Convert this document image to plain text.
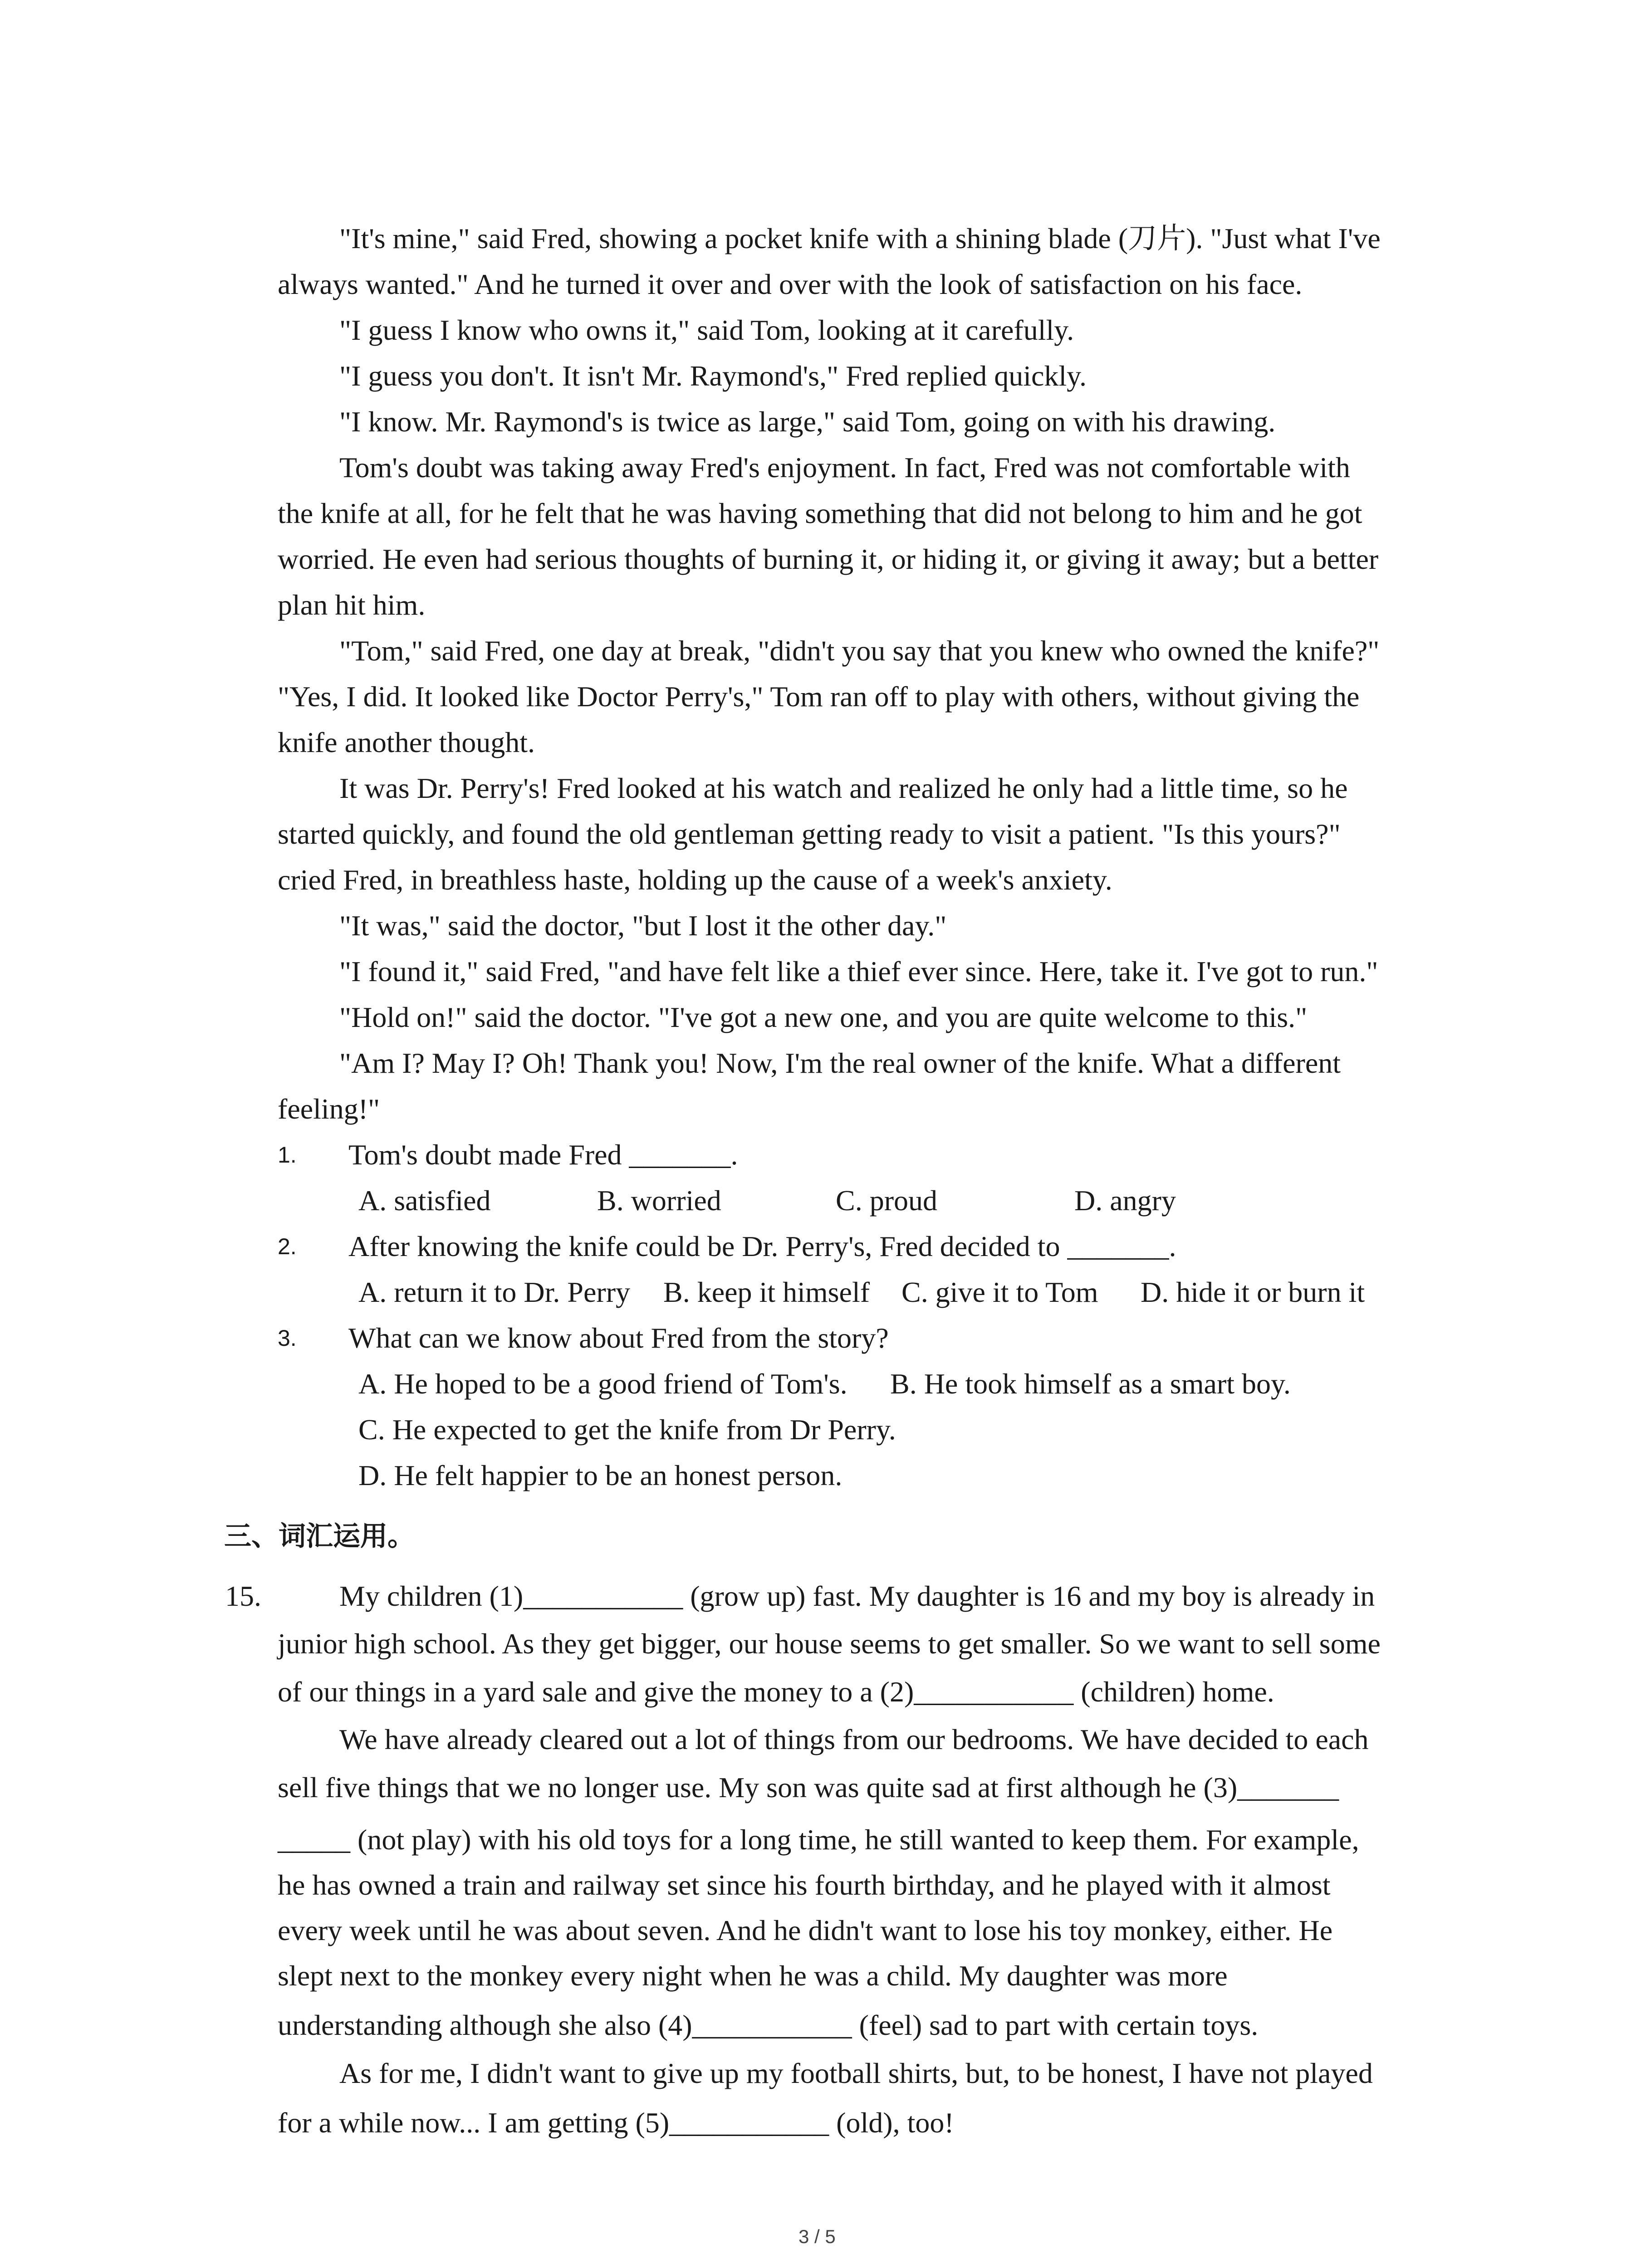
"It's mine," said Fred, showing a pocket knife with a shining blade (刀片). "Just what I've
always wanted." And he turned it over and over with the look of satisfaction on his face.
"I guess I know who owns it," said Tom, looking at it carefully.
"I guess you don't. It isn't Mr. Raymond's," Fred replied quickly.
"I know. Mr. Raymond's is twice as large," said Tom, going on with his drawing.
Tom's doubt was taking away Fred's enjoyment. In fact, Fred was not comfortable with
the knife at all, for he felt that he was having something that did not belong to him and he got
worried. He even had serious thoughts of burning it, or hiding it, or giving it away; but a better
plan hit him.
"Tom," said Fred, one day at break, "didn't you say that you knew who owned the knife?"
"Yes, I did. It looked like Doctor Perry's," Tom ran off to play with others, without giving the
knife another thought.
It was Dr. Perry's! Fred looked at his watch and realized he only had a little time, so he
started quickly, and found the old gentleman getting ready to visit a patient. "Is this yours?"
cried Fred, in breathless haste, holding up the cause of a week's anxiety.
"It was," said the doctor, "but I lost it the other day."
"I found it," said Fred, "and have felt like a thief ever since. Here, take it. I've got to run."
"Hold on!" said the doctor. "I've got a new one, and you are quite welcome to this."
"Am I? May I? Oh! Thank you! Now, I'm the real owner of the knife. What a different
feeling!"
1. Tom's doubt made Fred _______.
A. satisfied	B. worried	C. proud	D. angry
2. After knowing the knife could be Dr. Perry's, Fred decided to _______.
A. return it to Dr. Perry B. keep it himself C. give it to Tom D. hide it or burn it
3. What can we know about Fred from the story?
A. He hoped to be a good friend of Tom's. B. He took himself as a smart boy.
C. He expected to get the knife from Dr Perry.
D. He felt happier to be an honest person.
三、词汇运用。
15.	My children (1)___________ (grow up) fast. My daughter is 16 and my boy is already in
junior high school. As they get bigger, our house seems to get smaller. So we want to sell some
of our things in a yard sale and give the money to a (2)___________ (children) home.
We have already cleared out a lot of things from our bedrooms. We have decided to each
sell five things that we no longer use. My son was quite sad at first although he (3)_______
_____ (not play) with his old toys for a long time, he still wanted to keep them. For example,
he has owned a train and railway set since his fourth birthday, and he played with it almost
every week until he was about seven. And he didn't want to lose his toy monkey, either. He
slept next to the monkey every night when he was a child. My daughter was more
understanding although she also (4)___________ (feel) sad to part with certain toys.
As for me, I didn't want to give up my football shirts, but, to be honest, I have not played
for a while now... I am getting (5)___________ (old), too!
3 / 5
